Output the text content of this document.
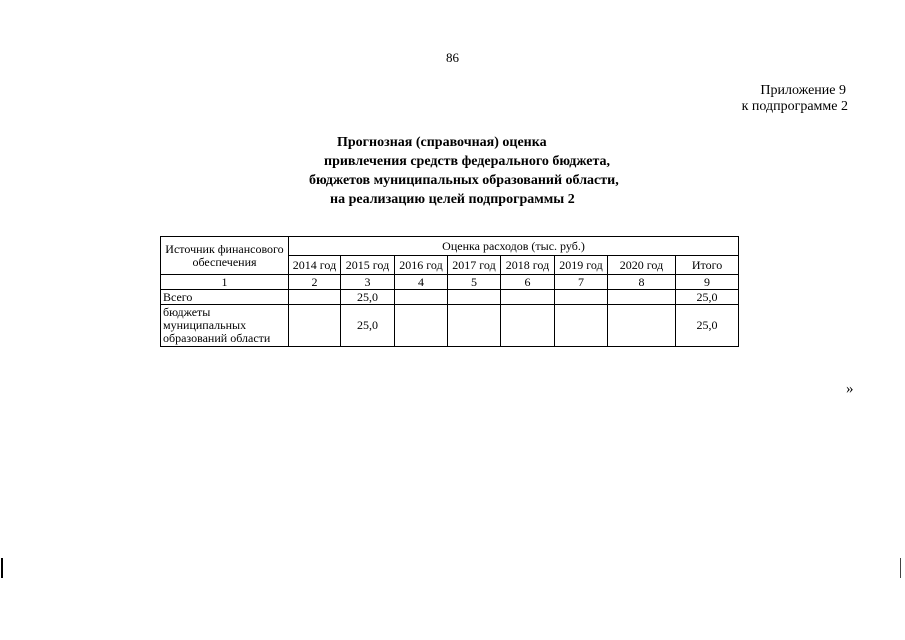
86
Приложение 9
к подпрограмме 2
Прогнозная (справочная) оценка
привлечения средств федерального бюджета,
бюджетов муниципальных образований области,
на реализацию целей подпрограммы 2
Источник финансового обеспечения	Оценка расходов (тыс. руб.)							
	2014 год	2015 год	2016 год	2017 год	2018 год	2019 год	2020 год	Итого
1	2	3	4	5	6	7	8	9
Всего		25,0						25,0
бюджеты муниципальных образований области		25,0						25,0
»
